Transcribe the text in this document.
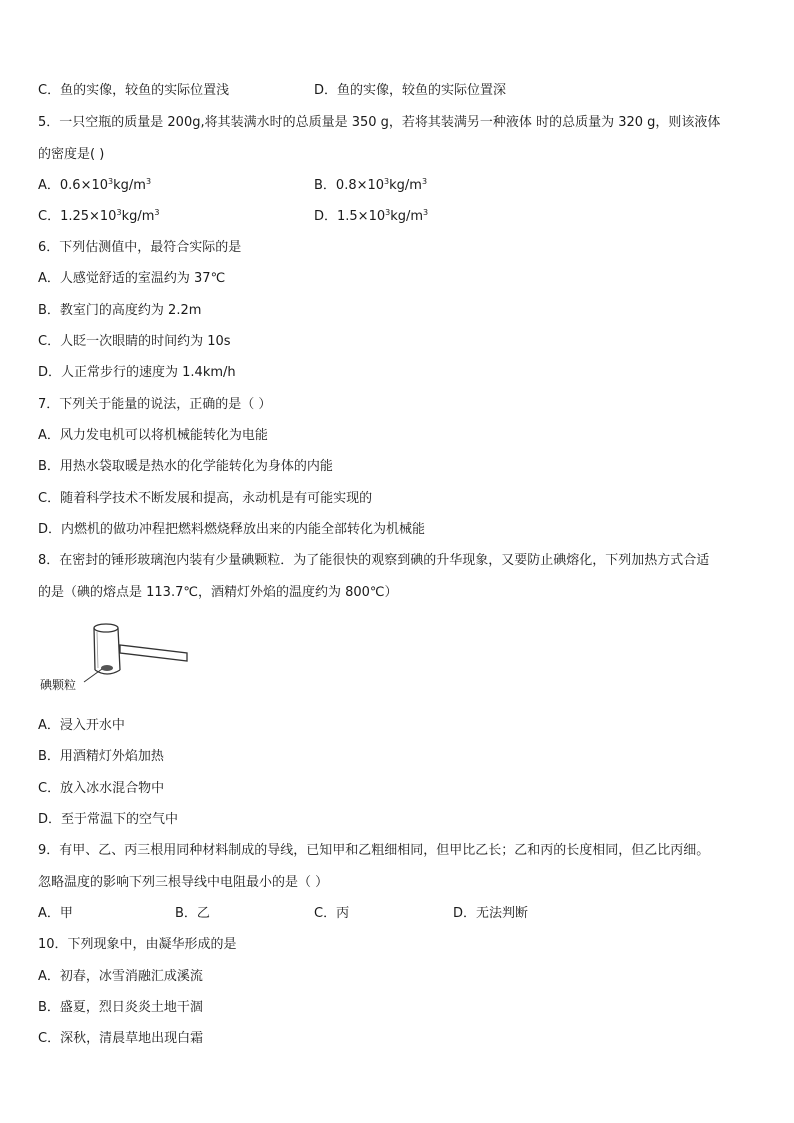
C．鱼的实像，较鱼的实际位置浅	D．鱼的实像，较鱼的实际位置深
5．一只空瓶的质量是 200g,将其装满水时的总质量是 350 g，若将其装满另一种液体 时的总质量为 320 g，则该液体
的密度是( )
A．$0.6\times 10^3kg/m^3$	B．$0.8\times 10^3kg/m^3$
C．$1.25\times 10^3kg/m^3$	D．$1.5\times 10^3kg/m^3$
6．下列估测值中，最符合实际的是
A．人感觉舒适的室温约为 37℃
B．教室门的高度约为 2.2m
C．人眨一次眼睛的时间约为 10s
D．人正常步行的速度为 1.4km/h
7．下列关于能量的说法，正确的是（ ）
A．风力发电机可以将机械能转化为电能
B．用热水袋取暖是热水的化学能转化为身体的内能
C．随着科学技术不断发展和提高，永动机是有可能实现的
D．内燃机的做功冲程把燃料燃烧释放出来的内能全部转化为机械能
8．在密封的锤形玻璃泡内装有少量碘颗粒．为了能很快的观察到碘的升华现象，又要防止碘熔化，下列加热方式合适
的是（碘的熔点是 113.7℃，酒精灯外焰的温度约为 800℃）
碘颗粒
A．浸入开水中
B．用酒精灯外焰加热
C．放入冰水混合物中
D．至于常温下的空气中
9．有甲、乙、丙三根用同种材料制成的导线，已知甲和乙粗细相同，但甲比乙长；乙和丙的长度相同，但乙比丙细。
忽略温度的影响下列三根导线中电阻最小的是（ ）
A．甲	B．乙	C．丙	D．无法判断
10．下列现象中，由凝华形成的是
A．初春，冰雪消融汇成溪流
B．盛夏，烈日炎炎土地干涸
C．深秋，清晨草地出现白霜
